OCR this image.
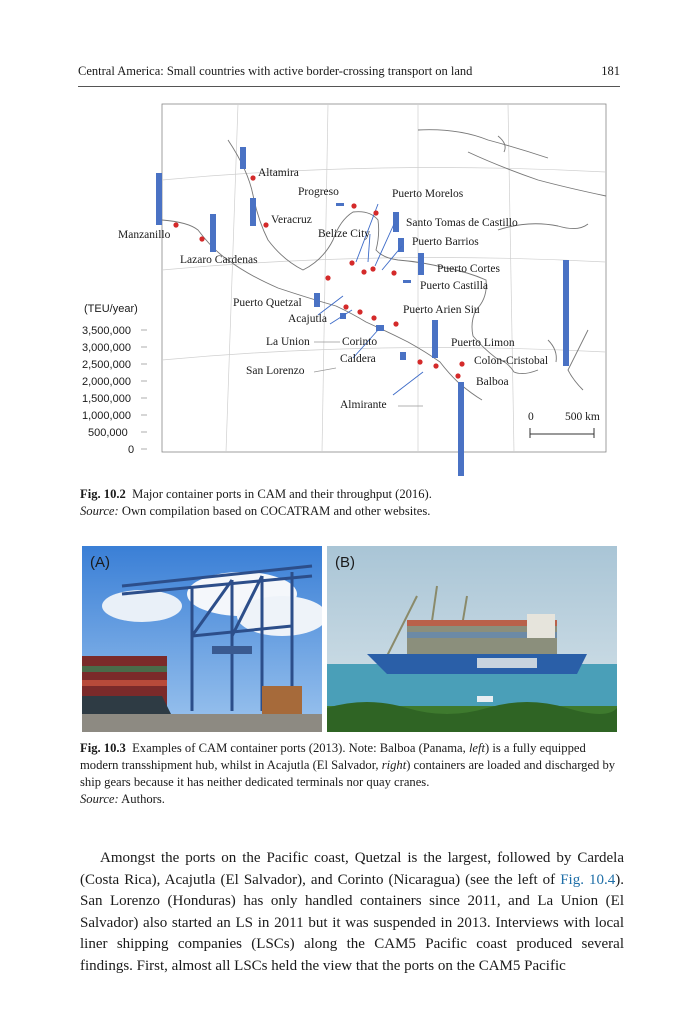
Central America: Small countries with active border-crossing transport on land	181
(TEU/year)
3,500,000
3,000,000
2,500,000
2,000,000
1,500,000
1,000,000
500,000
0
Altamira
Progreso
Veracruz
Manzanillo
Lazaro Cardenas
Belize City
Puerto Morelos
Santo Tomas de Castillo
Puerto Barrios
Puerto Cortes
Puerto Castilla
Puerto Quetzal
Acajutla
Puerto Arien Siu
La Union	Corinto	Puerto Limon
Caldera	Colon-Cristobal
San Lorenzo
Balboa
Almirante
0	500 km
Fig. 10.2 Major container ports in CAM and their throughput (2016).
Source: Own compilation based on COCATRAM and other websites.
(A)	(B)
Fig. 10.3 Examples of CAM container ports (2013). Note: Balboa (Panama, left) is a fully equipped modern transshipment hub, whilst in Acajutla (El Salvador, right) containers are loaded and discharged by ship gears because it has neither dedicated terminals nor quay cranes.
Source: Authors.

Amongst the ports on the Pacific coast, Quetzal is the largest, followed by Cardela (Costa Rica), Acajutla (El Salvador), and Corinto (Nicaragua) (see the left of Fig. 10.4). San Lorenzo (Honduras) has only handled containers since 2011, and La Union (El Salvador) also started an LS in 2011 but it was suspended in 2013. Interviews with local liner shipping companies (LSCs) along the CAM5 Pacific coast produced several findings. First, almost all LSCs held the view that the ports on the CAM5 Pacific
